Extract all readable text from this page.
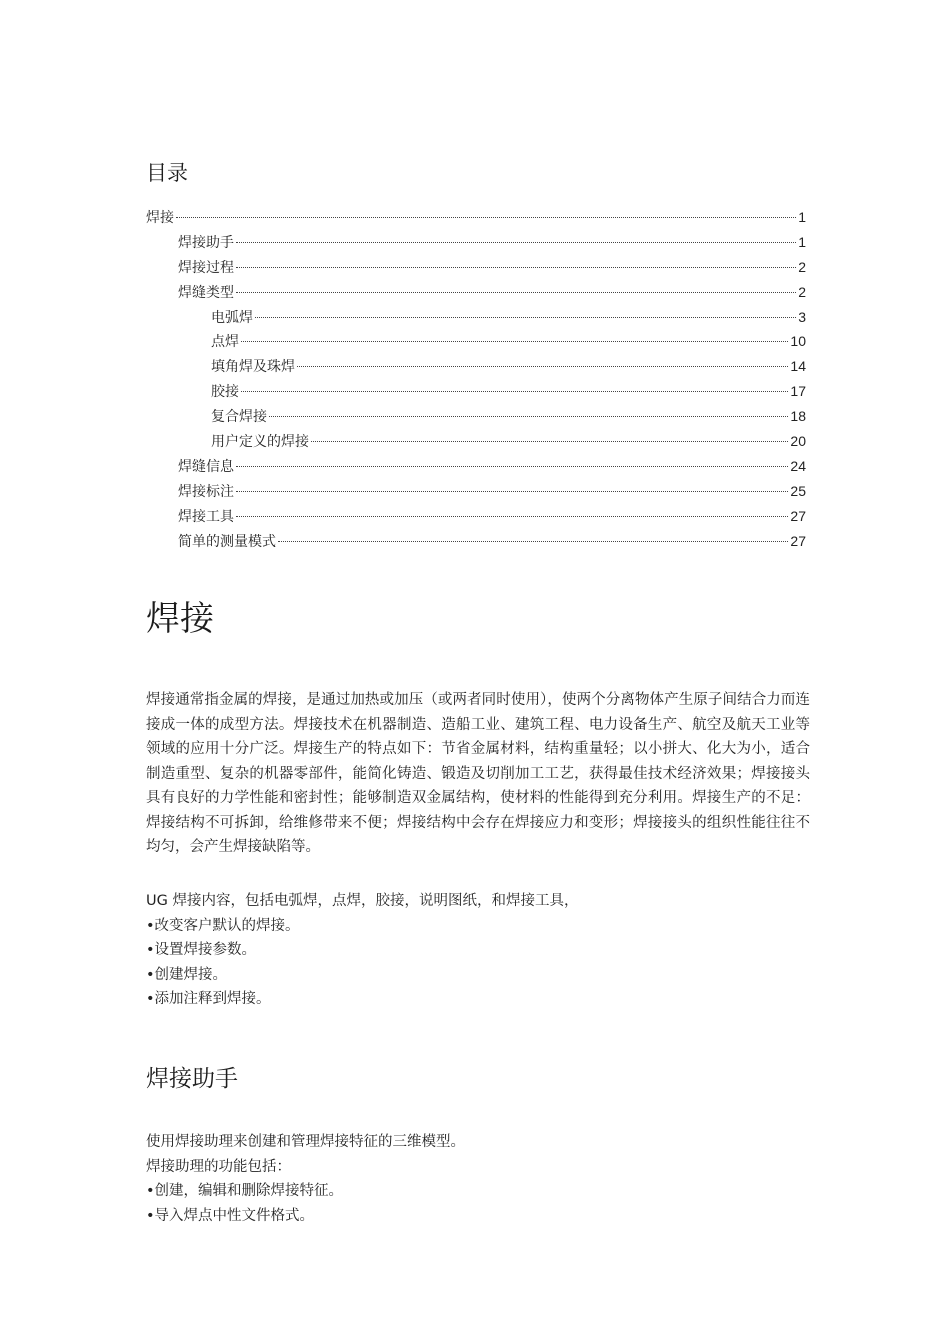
目录
焊接	1
焊接助手	1
焊接过程	2
焊缝类型	2
电弧焊	3
点焊	10
填角焊及珠焊	14
胶接	17
复合焊接	18
用户定义的焊接	20
焊缝信息	24
焊接标注	25
焊接工具	27
简单的测量模式	27
焊接

焊接通常指金属的焊接，是通过加热或加压（或两者同时使用），使两个分离物体产生原子间结合力而连接成一体的成型方法。焊接技术在机器制造、造船工业、建筑工程、电力设备生产、航空及航天工业等领域的应用十分广泛。焊接生产的特点如下：节省金属材料，结构重量轻；以小拼大、化大为小，适合制造重型、复杂的机器零部件，能简化铸造、锻造及切削加工工艺，获得最佳技术经济效果；焊接接头具有良好的力学性能和密封性；能够制造双金属结构，使材料的性能得到充分利用。焊接生产的不足：焊接结构不可拆卸，给维修带来不便；焊接结构中会存在焊接应力和变形；焊接接头的组织性能往往不均匀，会产生焊接缺陷等。

UG 焊接内容，包括电弧焊，点焊，胶接，说明图纸，和焊接工具，

•改变客户默认的焊接。

•设置焊接参数。

•创建焊接。

•添加注释到焊接。

焊接助手

使用焊接助理来创建和管理焊接特征的三维模型。

焊接助理的功能包括：

•创建，编辑和删除焊接特征。

•导入焊点中性文件格式。
